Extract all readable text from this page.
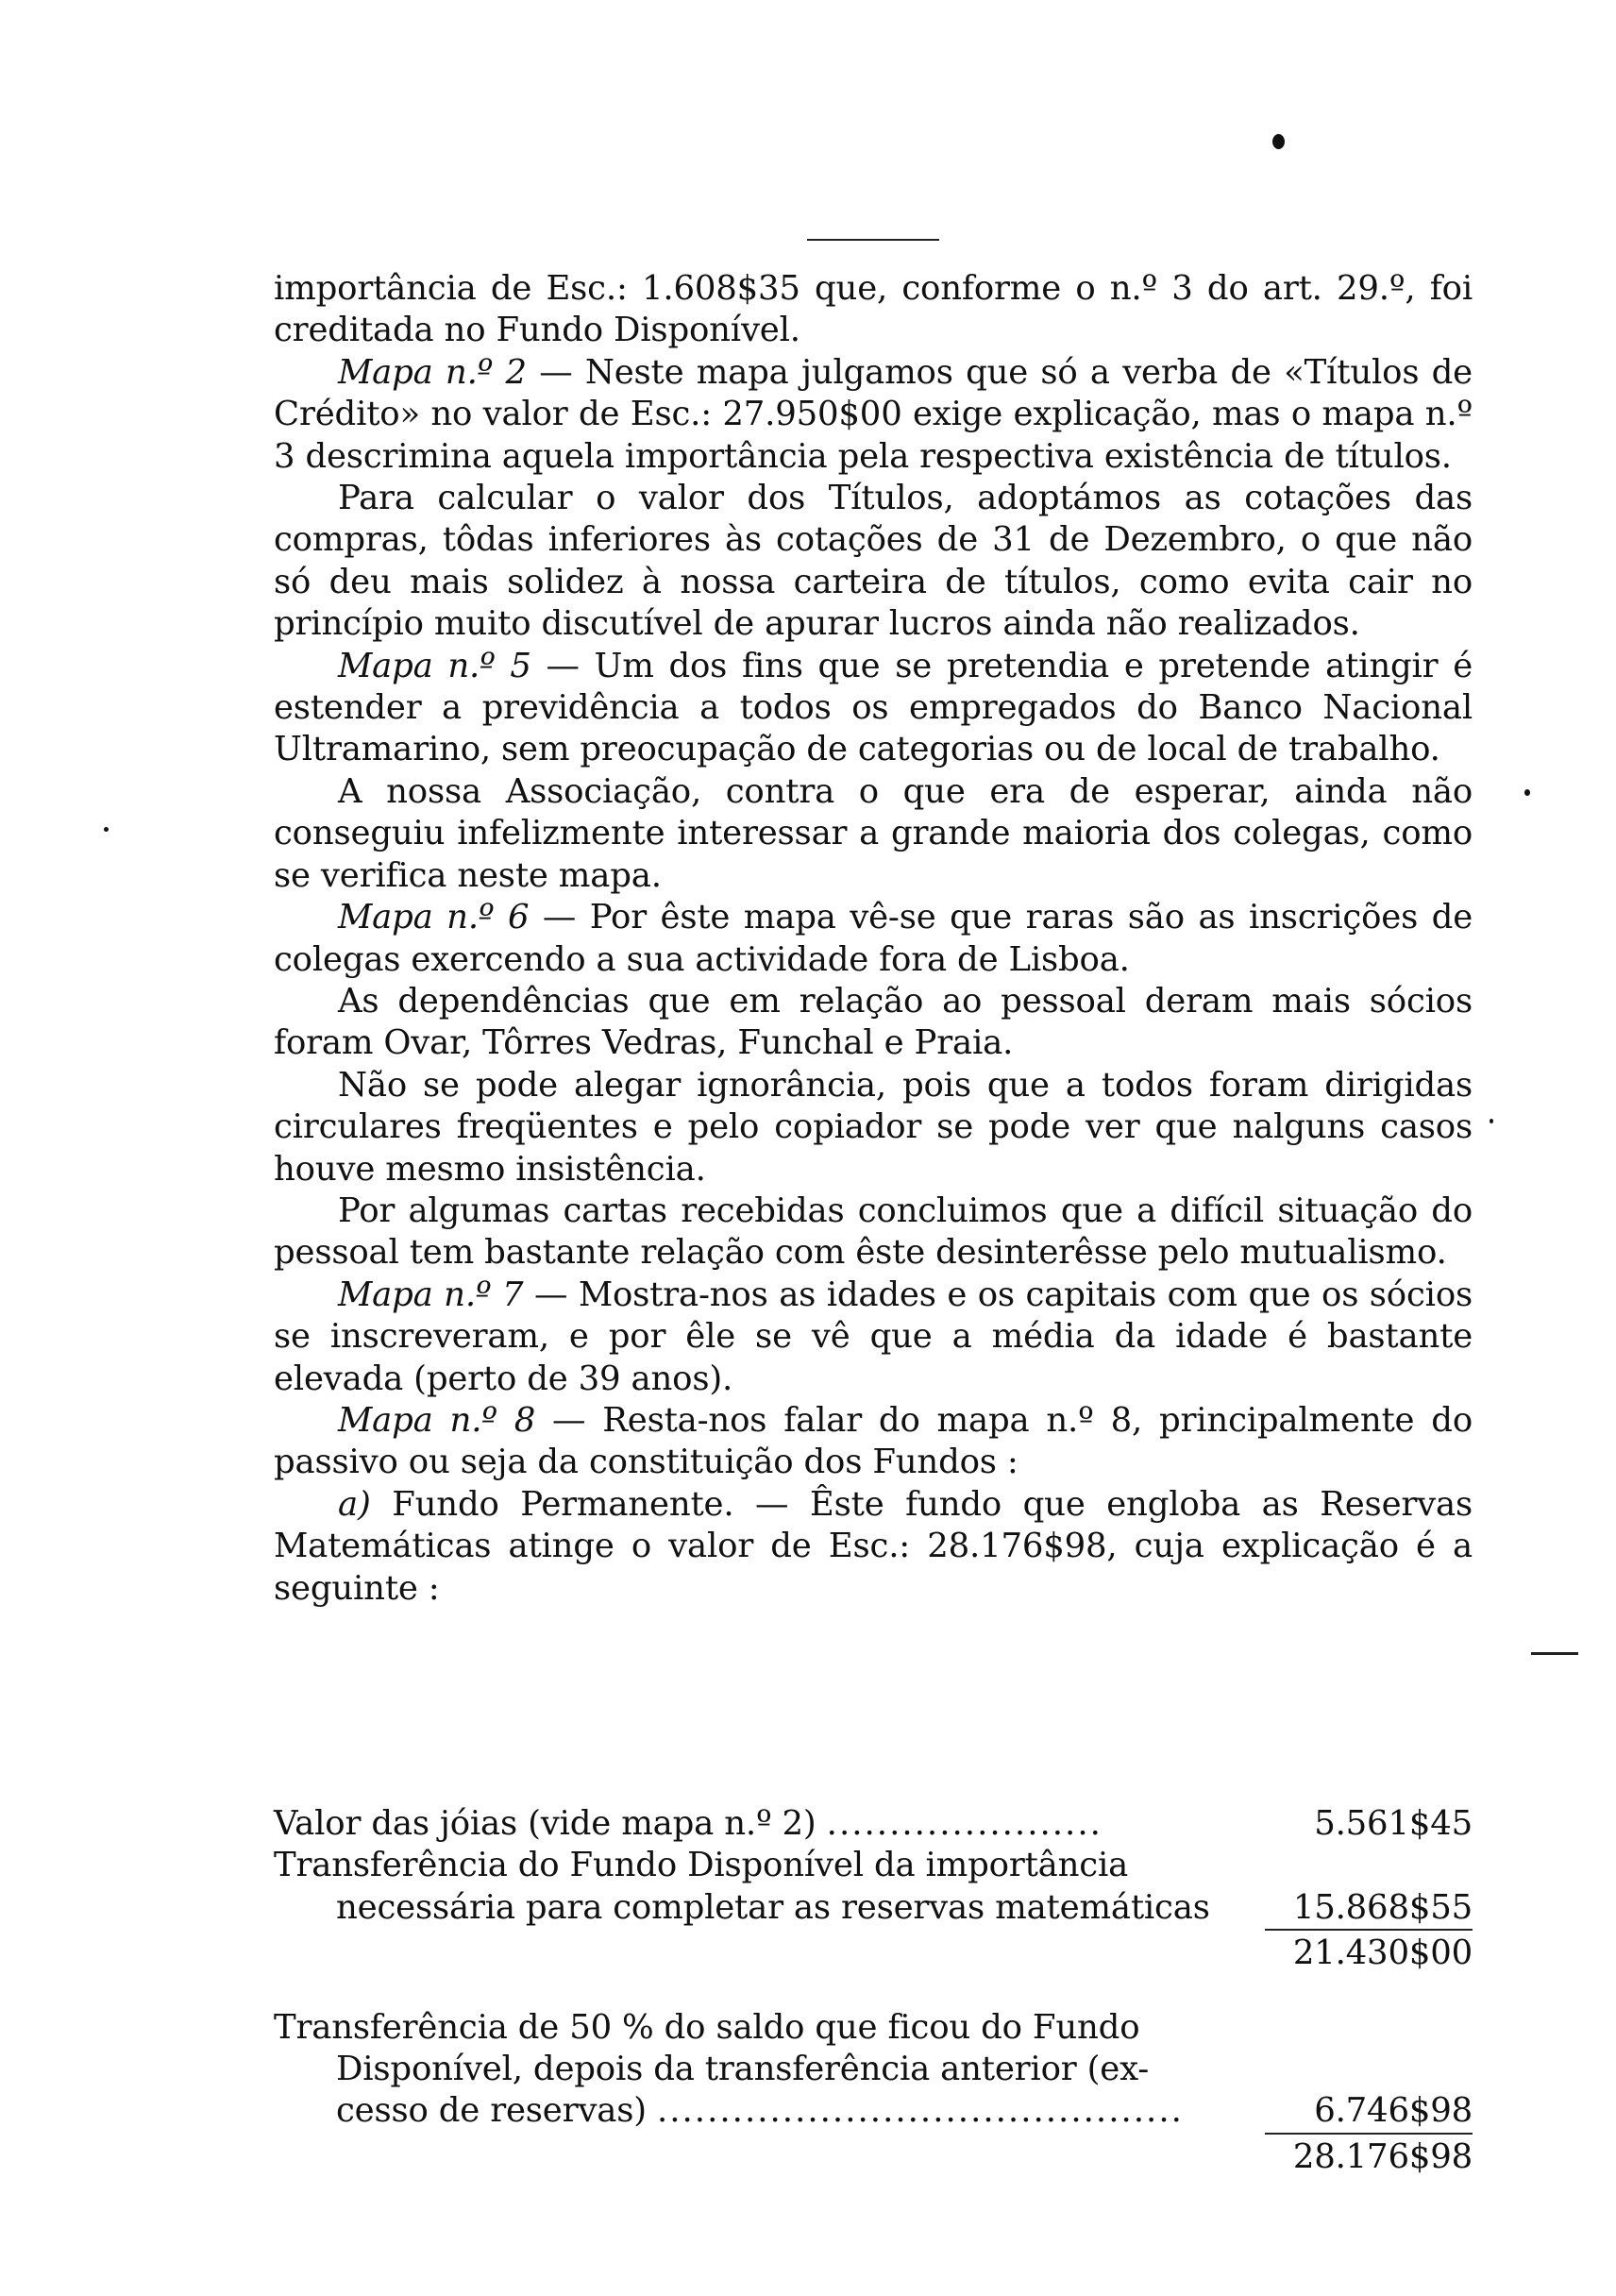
importância de Esc.: 1.608$35 que, conforme o n.º 3 do art. 29.º, foi creditada no Fundo Disponível.

Mapa n.º 2 — Neste mapa julgamos que só a verba de «Títulos de Crédito» no valor de Esc.: 27.950$00 exige explicação, mas o mapa n.º 3 descrimina aquela importância pela respectiva existência de títulos.

Para calcular o valor dos Títulos, adoptámos as cotações das compras, tôdas inferiores às cotações de 31 de Dezembro, o que não só deu mais solidez à nossa carteira de títulos, como evita cair no princípio muito discutível de apurar lucros ainda não realizados.

Mapa n.º 5 — Um dos fins que se pretendia e pretende atingir é estender a previdência a todos os empregados do Banco Nacional Ultramarino, sem preocupação de categorias ou de local de trabalho.

A nossa Associação, contra o que era de esperar, ainda não conseguiu infelizmente interessar a grande maioria dos colegas, como se verifica neste mapa.

Mapa n.º 6 — Por êste mapa vê-se que raras são as inscrições de colegas exercendo a sua actividade fora de Lisboa.

As dependências que em relação ao pessoal deram mais sócios foram Ovar, Tôrres Vedras, Funchal e Praia.

Não se pode alegar ignorância, pois que a todos foram dirigidas circulares freqüentes e pelo copiador se pode ver que nalguns casos houve mesmo insistência.

Por algumas cartas recebidas concluimos que a difícil situação do pessoal tem bastante relação com êste desinterêsse pelo mutualismo.

Mapa n.º 7 — Mostra-nos as idades e os capitais com que os sócios se inscreveram, e por êle se vê que a média da idade é bastante elevada (perto de 39 anos).

Mapa n.º 8 — Resta-nos falar do mapa n.º 8, principalmente do passivo ou seja da constituição dos Fundos :

a) Fundo Permanente. — Êste fundo que engloba as Reservas Matemáticas atinge o valor de Esc.: 28.176$98, cuja explicação é a seguinte :

Valor das jóias (vide mapa n.º 2) ......................	5.561$45
Transferência do Fundo Disponível da importância
necessária para completar as reservas matemáticas	15.868$55
21.430$00
Transferência de 50 % do saldo que ficou do Fundo
Disponível, depois da transferência anterior (ex-
cesso de reservas) ..........................................	6.746$98
28.176$98
